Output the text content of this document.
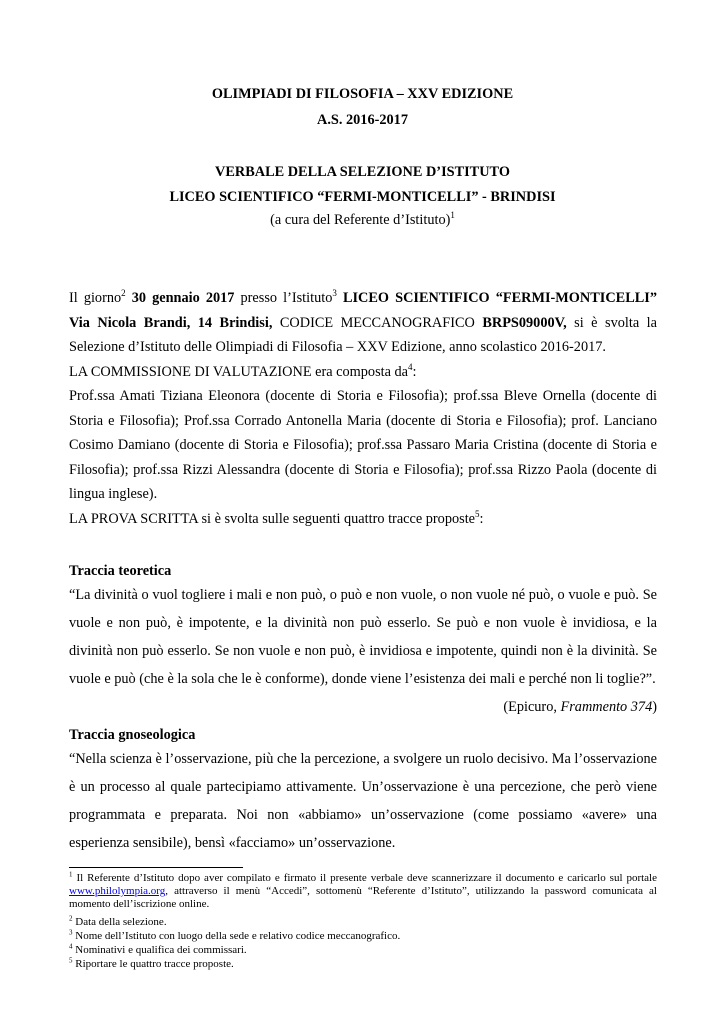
OLIMPIADI DI FILOSOFIA – XXV EDIZIONE
A.S. 2016-2017
VERBALE DELLA SELEZIONE D’ISTITUTO
LICEO SCIENTIFICO “FERMI-MONTICELLI” - BRINDISI
(a cura del Referente d’Istituto)$^1$
Il giorno$^2$ 30 gennaio 2017 presso l’Istituto$^3$ LICEO SCIENTIFICO “FERMI-MONTICELLI”
Via Nicola Brandi, 14 Brindisi, CODICE MECCANOGRAFICO BRPS09000V, si è svolta la
Selezione d’Istituto delle Olimpiadi di Filosofia – XXV Edizione, anno scolastico 2016-2017.
LA COMMISSIONE DI VALUTAZIONE era composta $da^4$:
Prof.ssa Amati Tiziana Eleonora (docente di Storia e Filosofia); prof.ssa Bleve Ornella (docente di Storia e Filosofia); Prof.ssa Corrado Antonella Maria (docente di Storia e Filosofia); prof. Lanciano Cosimo Damiano (docente di Storia e Filosofia); prof.ssa Passaro Maria Cristina (docente di Storia e Filosofia); prof.ssa Rizzi Alessandra (docente di Storia e Filosofia); prof.ssa Rizzo Paola (docente di lingua inglese).
LA PROVA SCRITTA si è svolta sulle seguenti quattro tracce proposte$^5$:
Traccia teoretica
“La divinità o vuol togliere i mali e non può, o può e non vuole, o non vuole né può, o vuole e può. Se vuole e non può, è impotente, e la divinità non può esserlo. Se può e non vuole è invidiosa, e la divinità non può esserlo. Se non vuole e non può, è invidiosa e impotente, quindi non è la divinità. Se vuole e può (che è la sola che le è conforme), donde viene l’esistenza dei mali e perché non li toglie?”.
(Epicuro, Frammento 374)
Traccia gnoseologica
“Nella scienza è l’osservazione, più che la percezione, a svolgere un ruolo decisivo. Ma l’osservazione è un processo al quale partecipiamo attivamente. Un’osservazione è una percezione, che però viene programmata e preparata. Noi non «abbiamo» un’osservazione (come possiamo «avere» una esperienza sensibile), bensì «facciamo» un’osservazione.
$^1$ Il Referente d’Istituto dopo aver compilato e firmato il presente verbale deve scannerizzare il documento e caricarlo sul portale www.philolympia.org, attraverso il menù “Accedi”, sottomenù “Referente d’Istituto”, utilizzando la password comunicata al momento dell’iscrizione online.
$^2$ Data della selezione.
$^3$ Nome dell’Istituto con luogo della sede e relativo codice meccanografico.
$^4$ Nominativi e qualifica dei commissari.
$^5$ Riportare le quattro tracce proposte.
